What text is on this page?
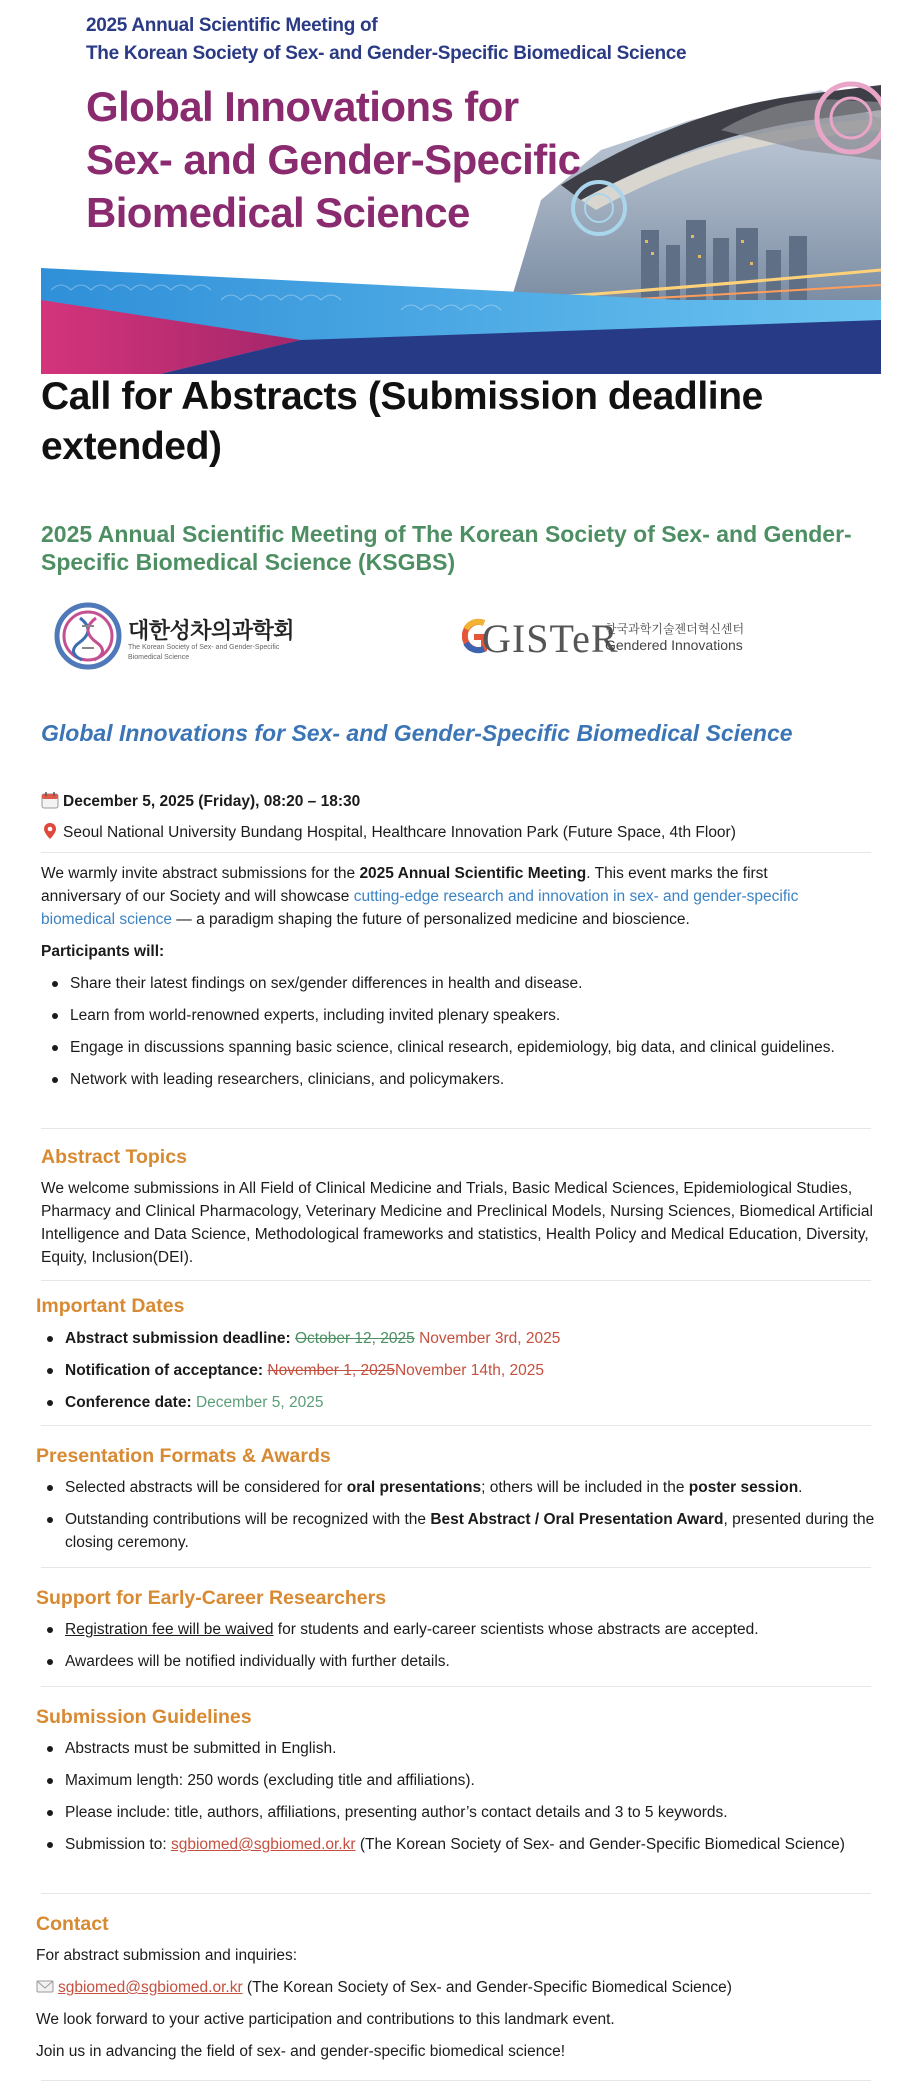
2025 Annual Scientific Meeting of
The Korean Society of Sex- and Gender-Specific Biomedical Science
Global Innovations for
Sex- and Gender-Specific
Biomedical Science
Call for Abstracts (Submission deadline extended)
2025 Annual Scientific Meeting of The Korean Society of Sex- and Gender-Specific Biomedical Science (KSGBS)
대한성차의과학회
The Korean Society of Sex- and Gender-Specific Biomedical Science	GISTeR
한국과학기술젠더혁신센터
Gendered Innovations
Global Innovations for Sex- and Gender-Specific Biomedical Science
December 5, 2025 (Friday), 08:20 – 18:30
Seoul National University Bundang Hospital, Healthcare Innovation Park (Future Space, 4th Floor)
We warmly invite abstract submissions for the 2025 Annual Scientific Meeting. This event marks the first
anniversary of our Society and will showcase cutting-edge research and innovation in sex- and gender-specific
biomedical science — a paradigm shaping the future of personalized medicine and bioscience.
Participants will:
Share their latest findings on sex/gender differences in health and disease.
Learn from world-renowned experts, including invited plenary speakers.
Engage in discussions spanning basic science, clinical research, epidemiology, big data, and clinical guidelines.
Network with leading researchers, clinicians, and policymakers.
Abstract Topics
We welcome submissions in All Field of Clinical Medicine and Trials, Basic Medical Sciences, Epidemiological Studies, Pharmacy and Clinical Pharmacology, Veterinary Medicine and Preclinical Models, Nursing Sciences, Biomedical Artificial Intelligence and Data Science, Methodological frameworks and statistics, Health Policy and Medical Education, Diversity, Equity, Inclusion(DEI).
Important Dates
Abstract submission deadline: October 12, 2025 November 3rd, 2025
Notification of acceptance: November 1, 2025November 14th, 2025
Conference date: December 5, 2025
Presentation Formats & Awards
Selected abstracts will be considered for oral presentations; others will be included in the poster session.
Outstanding contributions will be recognized with the Best Abstract / Oral Presentation Award, presented during the closing ceremony.
Support for Early-Career Researchers
Registration fee will be waived for students and early-career scientists whose abstracts are accepted.
Awardees will be notified individually with further details.
Submission Guidelines
Abstracts must be submitted in English.
Maximum length: 250 words (excluding title and affiliations).
Please include: title, authors, affiliations, presenting author’s contact details and 3 to 5 keywords.
Submission to: sgbiomed@sgbiomed.or.kr (The Korean Society of Sex- and Gender-Specific Biomedical Science)
Contact
For abstract submission and inquiries:
sgbiomed@sgbiomed.or.kr (The Korean Society of Sex- and Gender-Specific Biomedical Science)
We look forward to your active participation and contributions to this landmark event.
Join us in advancing the field of sex- and gender-specific biomedical science!
